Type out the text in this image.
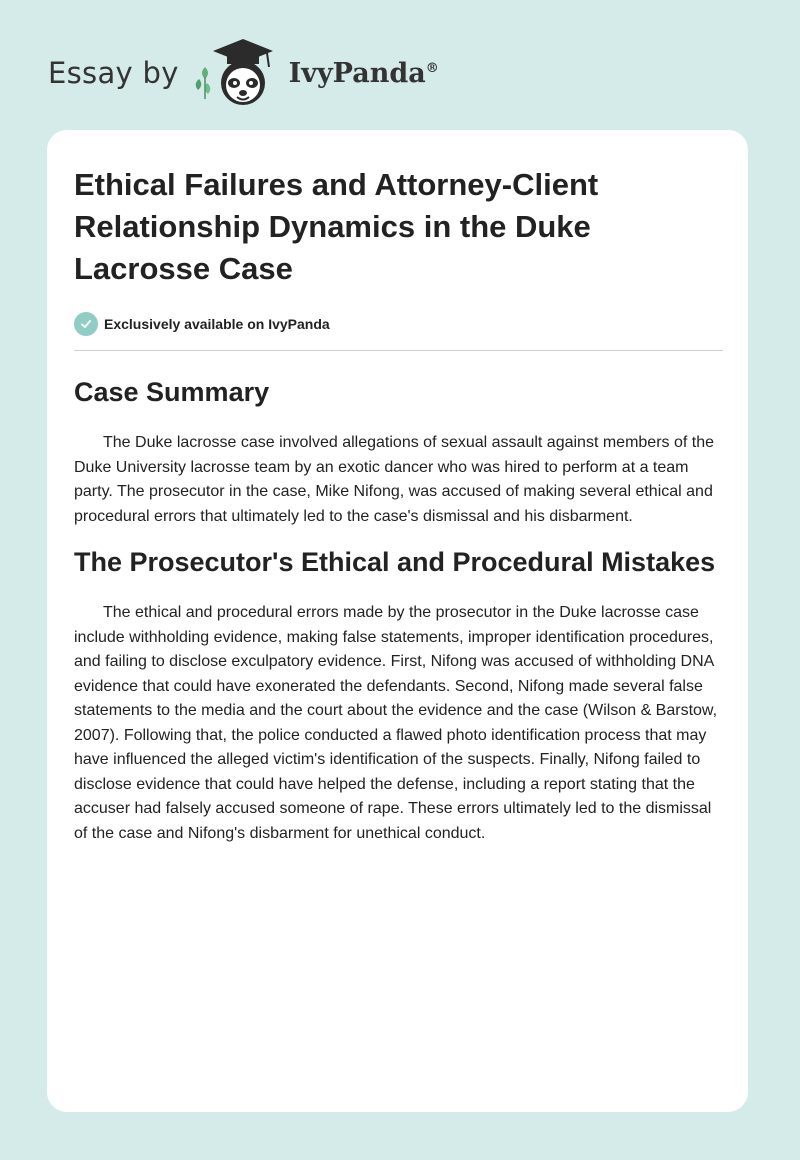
Essay by	IvyPanda®
Ethical Failures and Attorney-Client Relationship Dynamics in the Duke Lacrosse Case
Exclusively available on IvyPanda
Case Summary

The Duke lacrosse case involved allegations of sexual assault against members of the Duke University lacrosse team by an exotic dancer who was hired to perform at a team party. The prosecutor in the case, Mike Nifong, was accused of making several ethical and procedural errors that ultimately led to the case's dismissal and his disbarment.

The Prosecutor's Ethical and Procedural Mistakes

The ethical and procedural errors made by the prosecutor in the Duke lacrosse case include withholding evidence, making false statements, improper identification procedures, and failing to disclose exculpatory evidence. First, Nifong was accused of withholding DNA evidence that could have exonerated the defendants. Second, Nifong made several false statements to the media and the court about the evidence and the case (Wilson & Barstow, 2007). Following that, the police conducted a flawed photo identification process that may have influenced the alleged victim's identification of the suspects. Finally, Nifong failed to disclose evidence that could have helped the defense, including a report stating that the accuser had falsely accused someone of rape. These errors ultimately led to the dismissal of the case and Nifong's disbarment for unethical conduct.
